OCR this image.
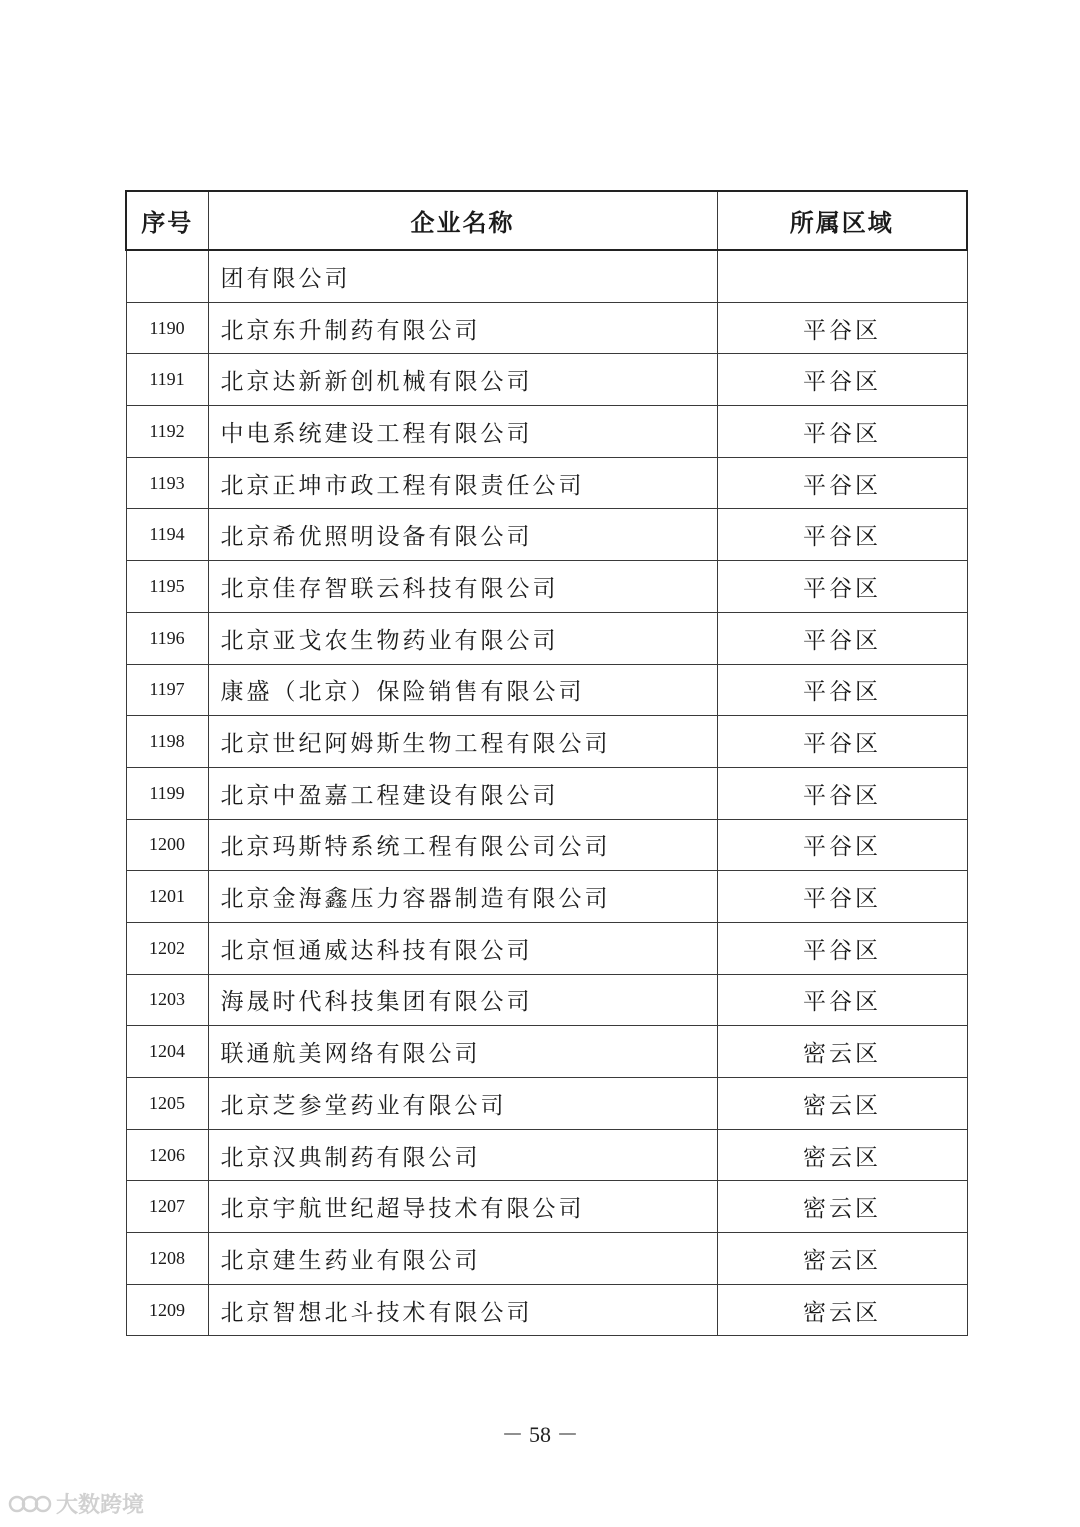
序号	企业名称	所属区域
	团有限公司	
1190	北京东升制药有限公司	平谷区
1191	北京达新新创机械有限公司	平谷区
1192	中电系统建设工程有限公司	平谷区
1193	北京正坤市政工程有限责任公司	平谷区
1194	北京希优照明设备有限公司	平谷区
1195	北京佳存智联云科技有限公司	平谷区
1196	北京亚戈农生物药业有限公司	平谷区
1197	康盛（北京）保险销售有限公司	平谷区
1198	北京世纪阿姆斯生物工程有限公司	平谷区
1199	北京中盈嘉工程建设有限公司	平谷区
1200	北京玛斯特系统工程有限公司公司	平谷区
1201	北京金海鑫压力容器制造有限公司	平谷区
1202	北京恒通威达科技有限公司	平谷区
1203	海晟时代科技集团有限公司	平谷区
1204	联通航美网络有限公司	密云区
1205	北京芝参堂药业有限公司	密云区
1206	北京汉典制药有限公司	密云区
1207	北京宇航世纪超导技术有限公司	密云区
1208	北京建生药业有限公司	密云区
1209	北京智想北斗技术有限公司	密云区
－ 58 －
大数跨境
